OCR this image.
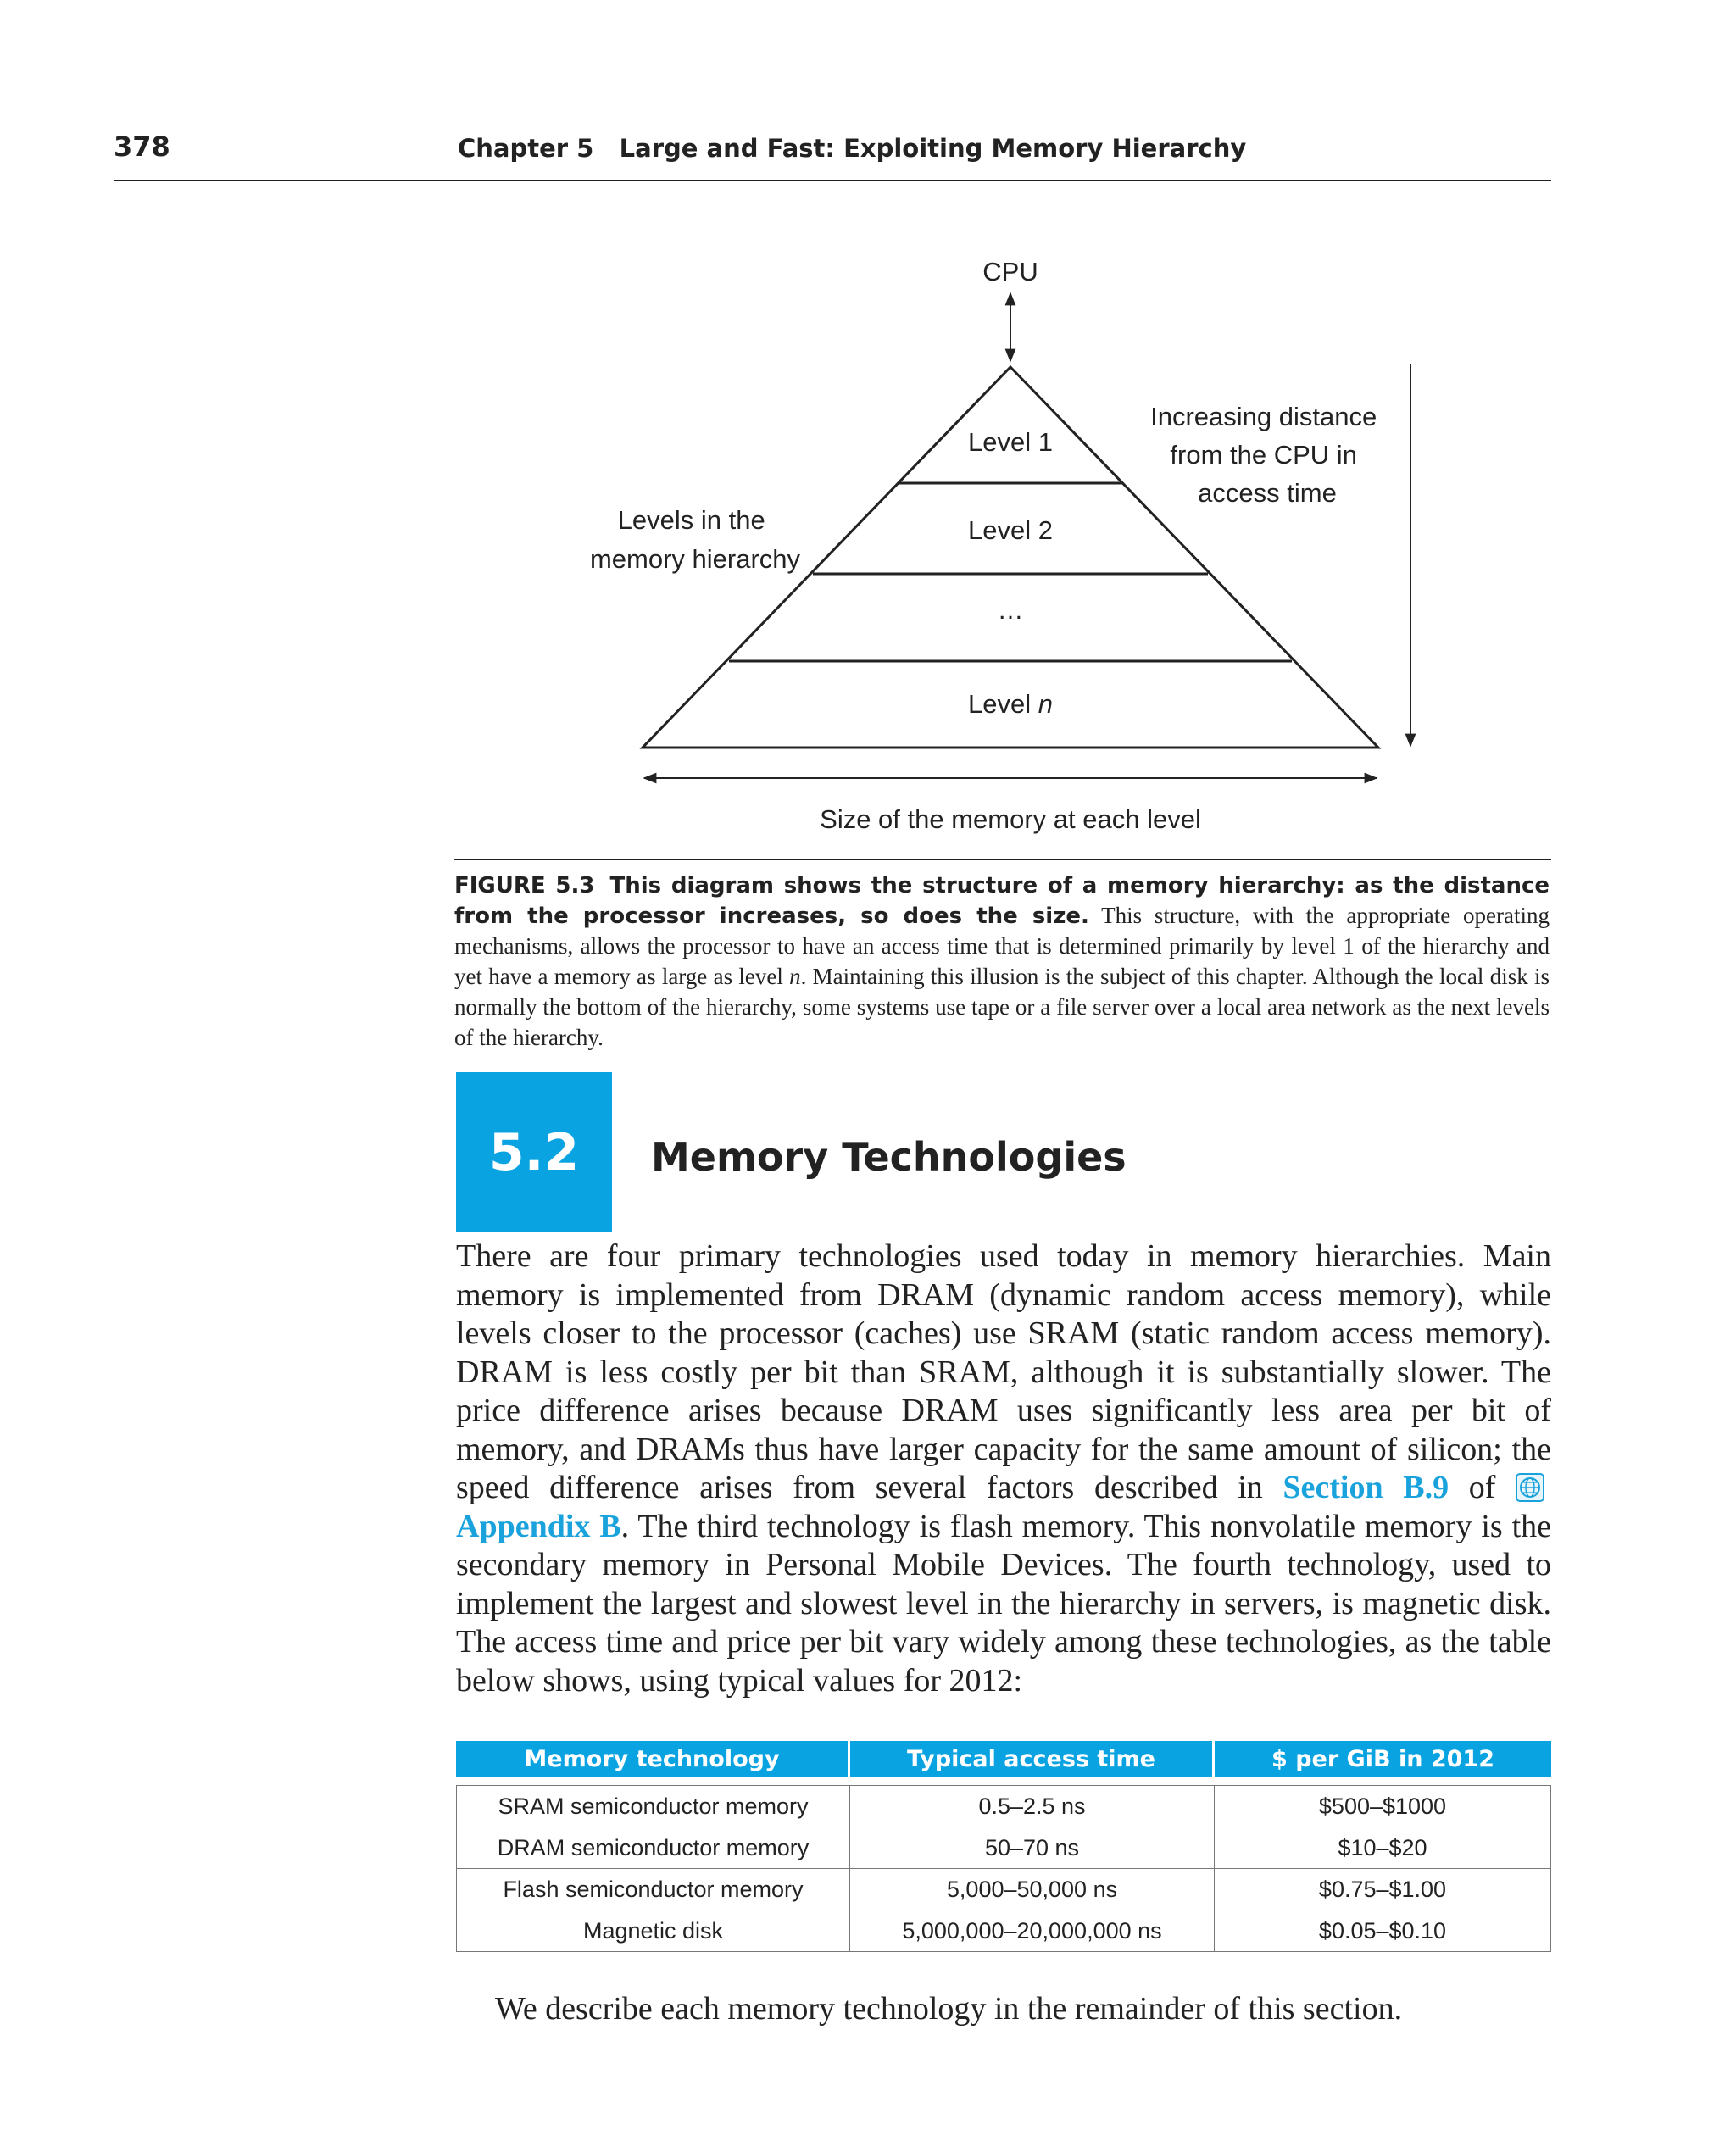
378	Chapter 5   Large and Fast: Exploiting Memory Hierarchy
CPU
Level 1
Level 2
…
Level n
Levels in the memory hierarchy
Increasing distance from the CPU in access time
Size of the memory at each level
FIGURE 5.3 This diagram shows the structure of a memory hierarchy: as the distance from the processor increases, so does the size. This structure, with the appropriate operating mechanisms, allows the processor to have an access time that is determined primarily by level 1 of the hierarchy and yet have a memory as large as level n. Maintaining this illusion is the subject of this chapter. Although the local disk is normally the bottom of the hierarchy, some systems use tape or a file server over a local area network as the next levels of the hierarchy.
5.2	Memory Technologies
There are four primary technologies used today in memory hierarchies. Main memory is implemented from DRAM (dynamic random access memory), while levels closer to the processor (caches) use SRAM (static random access memory). DRAM is less costly per bit than SRAM, although it is substantially slower. The price difference arises because DRAM uses significantly less area per bit of memory, and DRAMs thus have larger capacity for the same amount of silicon; the speed difference arises from several factors described in Section B.9 of Appendix B. The third technology is flash memory. This nonvolatile memory is the secondary memory in Personal Mobile Devices. The fourth technology, used to implement the largest and slowest level in the hierarchy in servers, is magnetic disk. The access time and price per bit vary widely among these technologies, as the table below shows, using typical values for 2012:
Memory technology	Typical access time	$ per GiB in 2012

SRAM semiconductor memory	0.5–2.5 ns	$500–$1000
DRAM semiconductor memory	50–70 ns	$10–$20
Flash semiconductor memory	5,000–50,000 ns	$0.75–$1.00
Magnetic disk	5,000,000–20,000,000 ns	$0.05–$0.10
We describe each memory technology in the remainder of this section.
